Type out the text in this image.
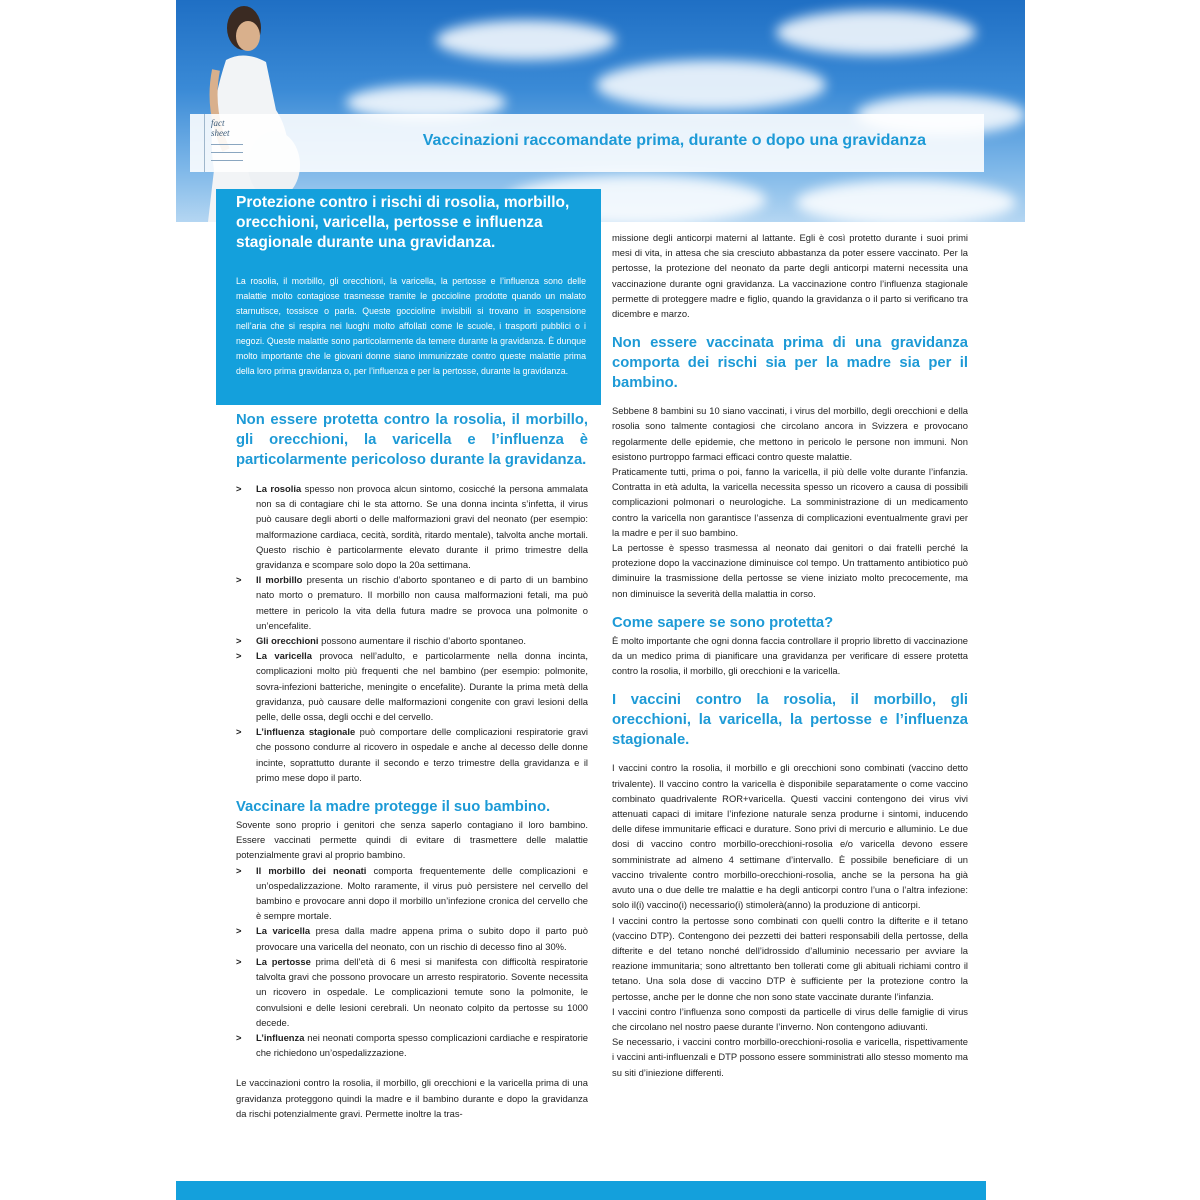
fact
sheet	Vaccinazioni raccomandate prima, durante o dopo una gravidanza
Protezione contro i rischi di rosolia, morbillo, orecchioni, varicella, pertosse e influenza stagionale durante una gravidanza.

La rosolia, il morbillo, gli orecchioni, la varicella, la pertosse e l’influenza sono delle malattie molto contagiose trasmesse tramite le goccioline prodotte quando un malato starnutisce, tossisce o parla. Queste goccioline invisibili si trovano in sospensione nell’aria che si respira nei luoghi molto affollati come le scuole, i trasporti pubblici o i negozi. Queste malattie sono particolarmente da temere durante la gravidanza. È dunque molto importante che le giovani donne siano immunizzate contro queste malattie prima della loro prima gravidanza o, per l’influenza e per la pertosse, durante la gravidanza.

Non essere protetta contro la rosolia, il morbillo, gli orecchioni, la varicella e l’influenza è particolarmente pericoloso durante la gravidanza.
> La rosolia spesso non provoca alcun sintomo, cosicché la persona ammalata non sa di contagiare chi le sta attorno. Se una donna incinta s’infetta, il virus può causare degli aborti o delle malformazioni gravi del neonato (per esempio: malformazione cardiaca, cecità, sordità, ritardo mentale), talvolta anche mortali. Questo rischio è particolarmente elevato durante il primo trimestre della gravidanza e scompare solo dopo la 20a settimana.
> Il morbillo presenta un rischio d’aborto spontaneo e di parto di un bambino nato morto o prematuro. Il morbillo non causa malformazioni fetali, ma può mettere in pericolo la vita della futura madre se provoca una polmonite o un’encefalite.
> Gli orecchioni possono aumentare il rischio d’aborto spontaneo.
> La varicella provoca nell’adulto, e particolarmente nella donna incinta, complicazioni molto più frequenti che nel bambino (per esempio: polmonite, sovra-infezioni batteriche, meningite o encefalite). Durante la prima metà della gravidanza, può causare delle malformazioni congenite con gravi lesioni della pelle, delle ossa, degli occhi e del cervello.
> L’influenza stagionale può comportare delle complicazioni respiratorie gravi che possono condurre al ricovero in ospedale e anche al decesso delle donne incinte, soprattutto durante il secondo e terzo trimestre della gravidanza e il primo mese dopo il parto.
Vaccinare la madre protegge il suo bambino.

Sovente sono proprio i genitori che senza saperlo contagiano il loro bambino. Essere vaccinati permette quindi di evitare di trasmettere delle malattie potenzialmente gravi al proprio bambino.

> Il morbillo dei neonati comporta frequentemente delle complicazioni e un’ospedalizzazione. Molto raramente, il virus può persistere nel cervello del bambino e provocare anni dopo il morbillo un’infezione cronica del cervello che è sempre mortale.
> La varicella presa dalla madre appena prima o subito dopo il parto può provocare una varicella del neonato, con un rischio di decesso fino al 30%.
> La pertosse prima dell’età di 6 mesi si manifesta con difficoltà respiratorie talvolta gravi che possono provocare un arresto respiratorio. Sovente necessita un ricovero in ospedale. Le complicazioni temute sono la polmonite, le convulsioni e delle lesioni cerebrali. Un neonato colpito da pertosse su 1000 decede.
> L’influenza nei neonati comporta spesso complicazioni cardiache e respiratorie che richiedono un’ospedalizzazione.

Le vaccinazioni contro la rosolia, il morbillo, gli orecchioni e la varicella prima di una gravidanza proteggono quindi la madre e il bambino durante e dopo la gravidanza da rischi potenzialmente gravi. Permette inoltre la tras-

missione degli anticorpi materni al lattante. Egli è così protetto durante i suoi primi mesi di vita, in attesa che sia cresciuto abbastanza da poter essere vaccinato. Per la pertosse, la protezione del neonato da parte degli anticorpi materni necessita una vaccinazione durante ogni gravidanza. La vaccinazione contro l’influenza stagionale permette di proteggere madre e figlio, quando la gravidanza o il parto si verificano tra dicembre e marzo.

Non essere vaccinata prima di una gravidanza comporta dei rischi sia per la madre sia per il bambino.

Sebbene 8 bambini su 10 siano vaccinati, i virus del morbillo, degli orecchioni e della rosolia sono talmente contagiosi che circolano ancora in Svizzera e provocano regolarmente delle epidemie, che mettono in pericolo le persone non immuni. Non esistono purtroppo farmaci efficaci contro queste malattie.

Praticamente tutti, prima o poi, fanno la varicella, il più delle volte durante l’infanzia. Contratta in età adulta, la varicella necessita spesso un ricovero a causa di possibili complicazioni polmonari o neurologiche. La somministrazione di un medicamento contro la varicella non garantisce l’assenza di complicazioni eventualmente gravi per la madre e per il suo bambino.

La pertosse è spesso trasmessa al neonato dai genitori o dai fratelli perché la protezione dopo la vaccinazione diminuisce col tempo. Un trattamento antibiotico può diminuire la trasmissione della pertosse se viene iniziato molto precocemente, ma non diminuisce la severità della malattia in corso.

Come sapere se sono protetta?

È molto importante che ogni donna faccia controllare il proprio libretto di vaccinazione da un medico prima di pianificare una gravidanza per verificare di essere protetta contro la rosolia, il morbillo, gli orecchioni e la varicella.

I vaccini contro la rosolia, il morbillo, gli orecchioni, la varicella, la pertosse e l’influenza stagionale.

I vaccini contro la rosolia, il morbillo e gli orecchioni sono combinati (vaccino detto trivalente). Il vaccino contro la varicella è disponibile separatamente o come vaccino combinato quadrivalente ROR+varicella. Questi vaccini contengono dei virus vivi attenuati capaci di imitare l’infezione naturale senza produrne i sintomi, inducendo delle difese immunitarie efficaci e durature. Sono privi di mercurio e alluminio. Le due dosi di vaccino contro morbillo-orecchioni-rosolia e/o varicella devono essere somministrate ad almeno 4 settimane d’intervallo. È possibile beneficiare di un vaccino trivalente contro morbillo-orecchioni-rosolia, anche se la persona ha già avuto una o due delle tre malattie e ha degli anticorpi contro l’una o l’altra infezione: solo il(i) vaccino(i) necessario(i) stimolerà(anno) la produzione di anticorpi.

I vaccini contro la pertosse sono combinati con quelli contro la difterite e il tetano (vaccino DTP). Contengono dei pezzetti dei batteri responsabili della pertosse, della difterite e del tetano nonché dell’idrossido d’alluminio necessario per avviare la reazione immunitaria; sono altrettanto ben tollerati come gli abituali richiami contro il tetano. Una sola dose di vaccino DTP è sufficiente per la protezione contro la pertosse, anche per le donne che non sono state vaccinate durante l’infanzia.

I vaccini contro l’influenza sono composti da particelle di virus delle famiglie di virus che circolano nel nostro paese durante l’inverno. Non contengono adiuvanti.

Se necessario, i vaccini contro morbillo-orecchioni-rosolia e varicella, rispettivamente i vaccini anti-influenzali e DTP possono essere somministrati allo stesso momento ma su siti d’iniezione differenti.
